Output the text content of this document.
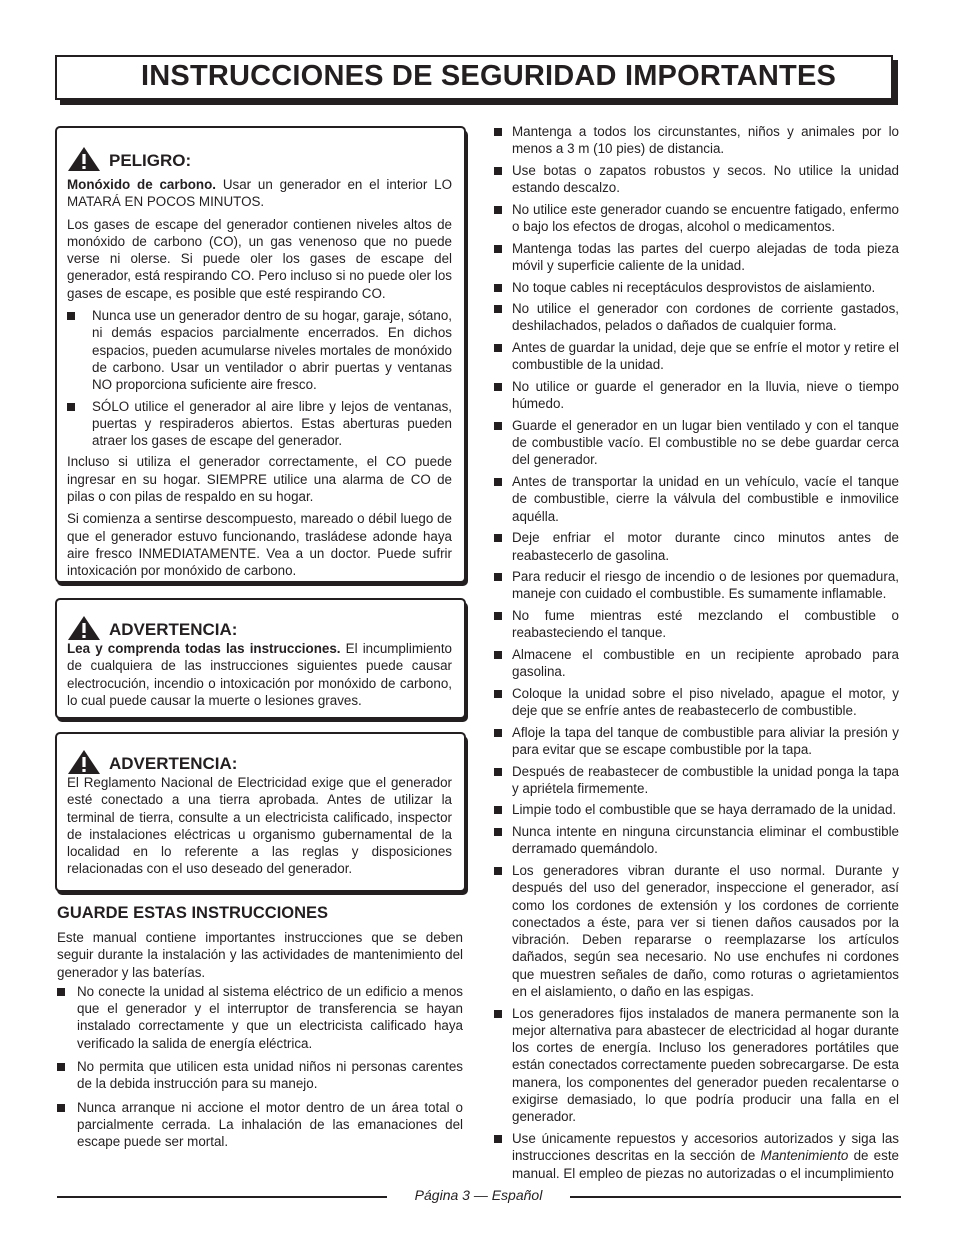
INSTRUCCIONES DE SEGURIDAD IMPORTANTES
PELIGRO:

Monóxido de carbono. Usar un generador en el interior LO MATARÁ EN POCOS MINUTOS.

Los gases de escape del generador contienen niveles altos de monóxido de carbono (CO), un gas venenoso que no puede verse ni olerse. Si puede oler los gases de escape del generador, está respirando CO. Pero incluso si no puede oler los gases de escape, es posible que esté respirando CO.

Nunca use un generador dentro de su hogar, garaje, sótano, ni demás espacios parcialmente encerrados. En dichos espacios, pueden acumularse niveles mortales de monóxido de carbono. Usar un ventilador o abrir puertas y ventanas NO proporciona suficiente aire fresco.
SÓLO utilice el generador al aire libre y lejos de ventanas, puertas y respiraderos abiertos. Estas aberturas pueden atraer los gases de escape del generador.

Incluso si utiliza el generador correctamente, el CO puede ingresar en su hogar. SIEMPRE utilice una alarma de CO de pilas o con pilas de respaldo en su hogar.

Si comienza a sentirse descompuesto, mareado o débil luego de que el generador estuvo funcionando, trasládese adonde haya aire fresco INMEDIATAMENTE. Vea a un doctor. Puede sufrir intoxicación por monóxido de carbono.

ADVERTENCIA:

Lea y comprenda todas las instrucciones. El incumplimiento de cualquiera de las instrucciones siguientes puede causar electrocución, incendio o intoxicación por monóxido de carbono, lo cual puede causar la muerte o lesiones graves.

ADVERTENCIA:

El Reglamento Nacional de Electricidad exige que el generador esté conectado a una tierra aprobada. Antes de utilizar la terminal de tierra, consulte a un electricista calificado, inspector de instalaciones eléctricas u organismo gubernamental de la localidad en lo referente a las reglas y disposiciones relacionadas con el uso deseado del generador.

GUARDE ESTAS INSTRUCCIONES

Este manual contiene importantes instrucciones que se deben seguir durante la instalación y las actividades de mantenimiento del generador y las baterías.

No conecte la unidad al sistema eléctrico de un edificio a menos que el generador y el interruptor de transferencia se hayan instalado correctamente y que un electricista calificado haya verificado la salida de energía eléctrica.
No permita que utilicen esta unidad niños ni personas carentes de la debida instrucción para su manejo.
Nunca arranque ni accione el motor dentro de un área total o parcialmente cerrada. La inhalación de las emanaciones del escape puede ser mortal.
Mantenga a todos los circunstantes, niños y animales por lo menos a 3 m (10 pies) de distancia.
Use botas o zapatos robustos y secos. No utilice la unidad estando descalzo.
No utilice este generador cuando se encuentre fatigado, enfermo o bajo los efectos de drogas, alcohol o medicamentos.
Mantenga todas las partes del cuerpo alejadas de toda pieza móvil y superficie caliente de la unidad.
No toque cables ni receptáculos desprovistos de aislamiento.
No utilice el generador con cordones de corriente gastados, deshilachados, pelados o dañados de cualquier forma.
Antes de guardar la unidad, deje que se enfríe el motor y retire el combustible de la unidad.
No utilice or guarde el generador en la lluvia, nieve o tiempo húmedo.
Guarde el generador en un lugar bien ventilado y con el tanque de combustible vacío. El combustible no se debe guardar cerca del generador.
Antes de transportar la unidad en un vehículo, vacíe el tanque de combustible, cierre la válvula del combustible e inmovilice aquélla.
Deje enfriar el motor durante cinco minutos antes de reabastecerlo de gasolina.
Para reducir el riesgo de incendio o de lesiones por quemadura, maneje con cuidado el combustible. Es sumamente inflamable.
No fume mientras esté mezclando el combustible o reabasteciendo el tanque.
Almacene el combustible en un recipiente aprobado para gasolina.
Coloque la unidad sobre el piso nivelado, apague el motor, y deje que se enfríe antes de reabastecerlo de combustible.
Afloje la tapa del tanque de combustible para aliviar la presión y para evitar que se escape combustible por la tapa.
Después de reabastecer de combustible la unidad ponga la tapa y apriétela firmemente.
Limpie todo el combustible que se haya derramado de la unidad.
Nunca intente en ninguna circunstancia eliminar el combustible derramado quemándolo.
Los generadores vibran durante el uso normal. Durante y después del uso del generador, inspeccione el generador, así como los cordones de extensión y los cordones de corriente conectados a éste, para ver si tienen daños causados por la vibración. Deben repararse o reemplazarse los artículos dañados, según sea necesario. No use enchufes ni cordones que muestren señales de daño, como roturas o agrietamientos en el aislamiento, o daño en las espigas.
Los generadores fijos instalados de manera permanente son la mejor alternativa para abastecer de electricidad al hogar durante los cortes de energía. Incluso los generadores portátiles que están conectados correctamente pueden sobrecargarse. De esta manera, los componentes del generador pueden recalentarse o exigirse demasiado, lo que podría producir una falla en el generador.
Use únicamente repuestos y accesorios autorizados y siga las instrucciones descritas en la sección de Mantenimiento de este manual. El empleo de piezas no autorizadas o el incumplimiento
Página 3 — Español
